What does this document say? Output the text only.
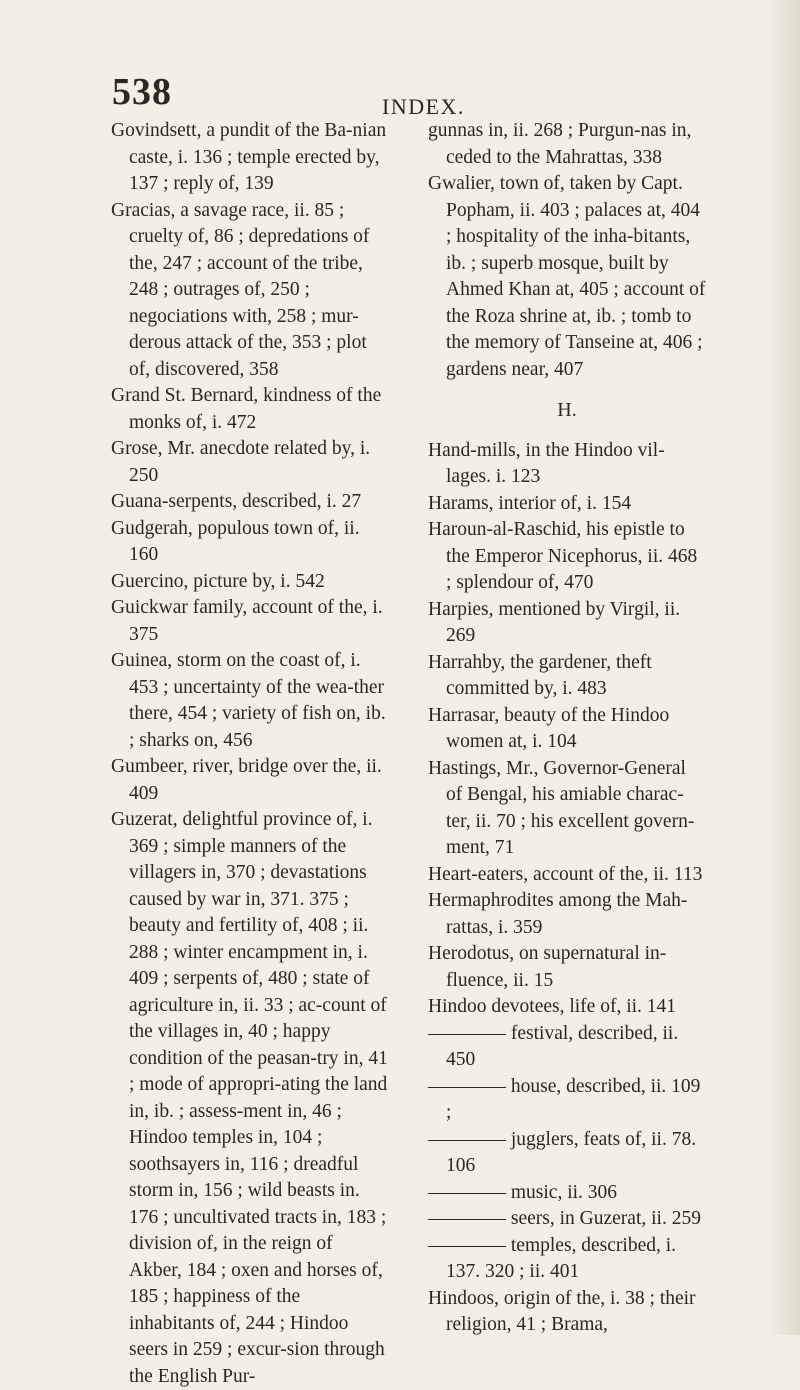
538	INDEX.

Govindsett, a pundit of the Ba-nian caste, i. 136 ; temple erected by, 137 ; reply of, 139

Gracias, a savage race, ii. 85 ; cruelty of, 86 ; depredations of the, 247 ; account of the tribe, 248 ; outrages of, 250 ; negociations with, 258 ; mur-derous attack of the, 353 ; plot of, discovered, 358

Grand St. Bernard, kindness of the monks of, i. 472

Grose, Mr. anecdote related by, i. 250

Guana-serpents, described, i. 27

Gudgerah, populous town of, ii. 160

Guercino, picture by, i. 542

Guickwar family, account of the, i. 375

Guinea, storm on the coast of, i. 453 ; uncertainty of the wea-ther there, 454 ; variety of fish on, ib. ; sharks on, 456

Gumbeer, river, bridge over the, ii. 409

Guzerat, delightful province of, i. 369 ; simple manners of the villagers in, 370 ; devastations caused by war in, 371. 375 ; beauty and fertility of, 408 ; ii. 288 ; winter encampment in, i. 409 ; serpents of, 480 ; state of agriculture in, ii. 33 ; ac-count of the villages in, 40 ; happy condition of the peasan-try in, 41 ; mode of appropri-ating the land in, ib. ; assess-ment in, 46 ; Hindoo temples in, 104 ; soothsayers in, 116 ; dreadful storm in, 156 ; wild beasts in. 176 ; uncultivated tracts in, 183 ; division of, in the reign of Akber, 184 ; oxen and horses of, 185 ; happiness of the inhabitants of, 244 ; Hindoo seers in 259 ; excur-sion through the English Pur-

gunnas in, ii. 268 ; Purgun-nas in, ceded to the Mahrattas, 338

Gwalier, town of, taken by Capt. Popham, ii. 403 ; palaces at, 404 ; hospitality of the inha-bitants, ib. ; superb mosque, built by Ahmed Khan at, 405 ; account of the Roza shrine at, ib. ; tomb to the memory of Tanseine at, 406 ; gardens near, 407

H.

Hand-mills, in the Hindoo vil-lages. i. 123

Harams, interior of, i. 154

Haroun-al-Raschid, his epistle to the Emperor Nicephorus, ii. 468 ; splendour of, 470

Harpies, mentioned by Virgil, ii. 269

Harrahby, the gardener, theft committed by, i. 483

Harrasar, beauty of the Hindoo women at, i. 104

Hastings, Mr., Governor-General of Bengal, his amiable charac-ter, ii. 70 ; his excellent govern-ment, 71

Heart-eaters, account of the, ii. 113

Hermaphrodites among the Mah-rattas, i. 359

Herodotus, on supernatural in-fluence, ii. 15

Hindoo devotees, life of, ii. 141

———— festival, described, ii. 450

———— house, described, ii. 109 ;

———— jugglers, feats of, ii. 78. 106

———— music, ii. 306

———— seers, in Guzerat, ii. 259

———— temples, described, i. 137. 320 ; ii. 401

Hindoos, origin of the, i. 38 ; their religion, 41 ; Brama,
